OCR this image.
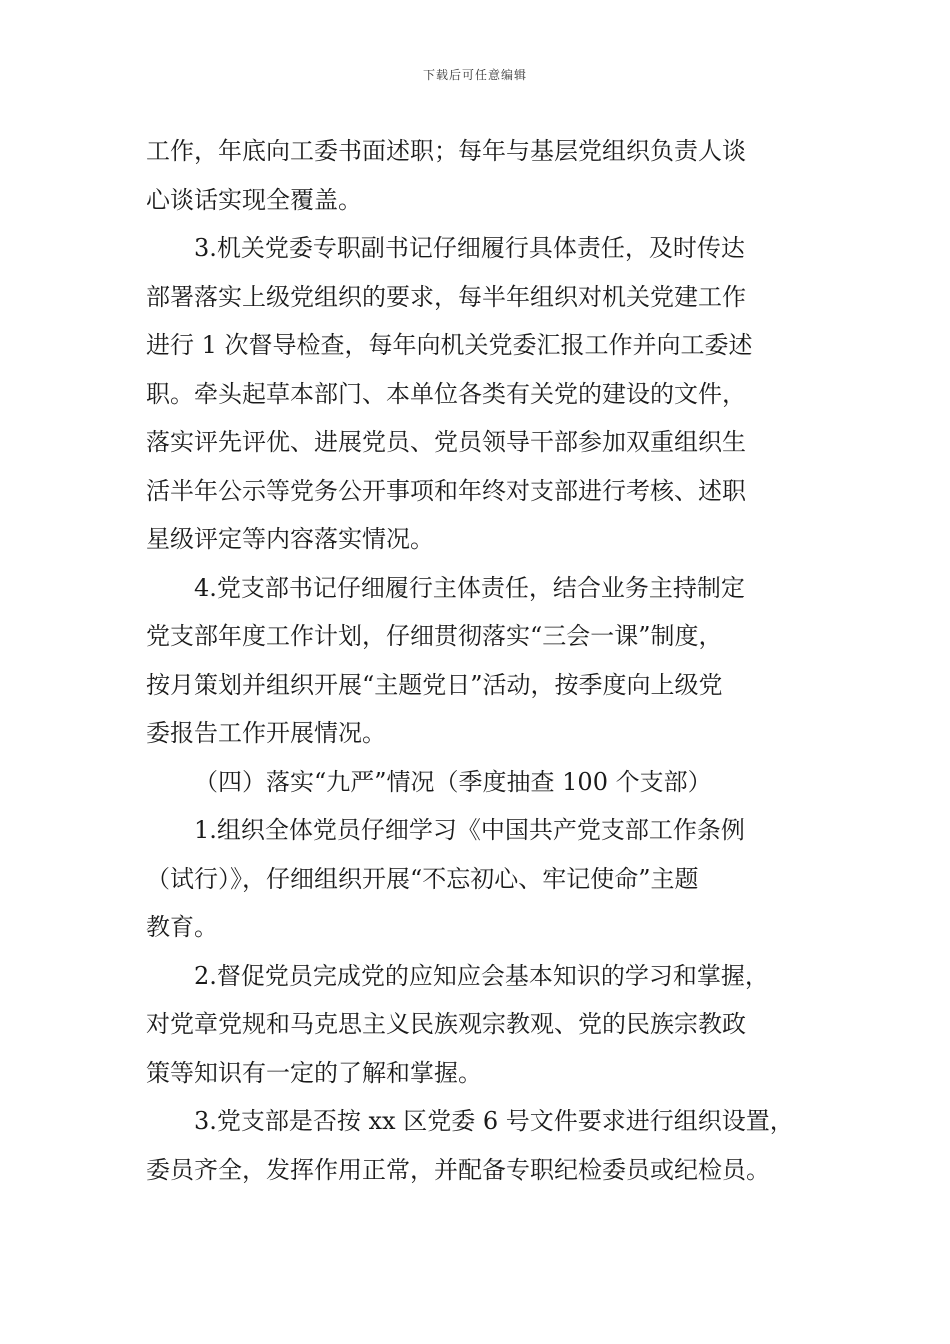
下载后可任意编辑
工作，年底向工委书面述职；每年与基层党组织负责人谈
心谈话实现全覆盖。
3.机关党委专职副书记仔细履行具体责任，及时传达
部署落实上级党组织的要求，每半年组织对机关党建工作
进行 1 次督导检查，每年向机关党委汇报工作并向工委述
职。牵头起草本部门、本单位各类有关党的建设的文件，
落实评先评优、进展党员、党员领导干部参加双重组织生
活半年公示等党务公开事项和年终对支部进行考核、述职
星级评定等内容落实情况。
4.党支部书记仔细履行主体责任，结合业务主持制定
党支部年度工作计划，仔细贯彻落实“三会一课”制度，
按月策划并组织开展“主题党日”活动，按季度向上级党
委报告工作开展情况。
（四）落实“九严”情况（季度抽查 100 个支部）
1.组织全体党员仔细学习《中国共产党支部工作条例
（试行）》，仔细组织开展“不忘初心、牢记使命”主题
教育。
2.督促党员完成党的应知应会基本知识的学习和掌握，
对党章党规和马克思主义民族观宗教观、党的民族宗教政
策等知识有一定的了解和掌握。
3.党支部是否按 xx 区党委 6 号文件要求进行组织设置，
委员齐全，发挥作用正常，并配备专职纪检委员或纪检员。
